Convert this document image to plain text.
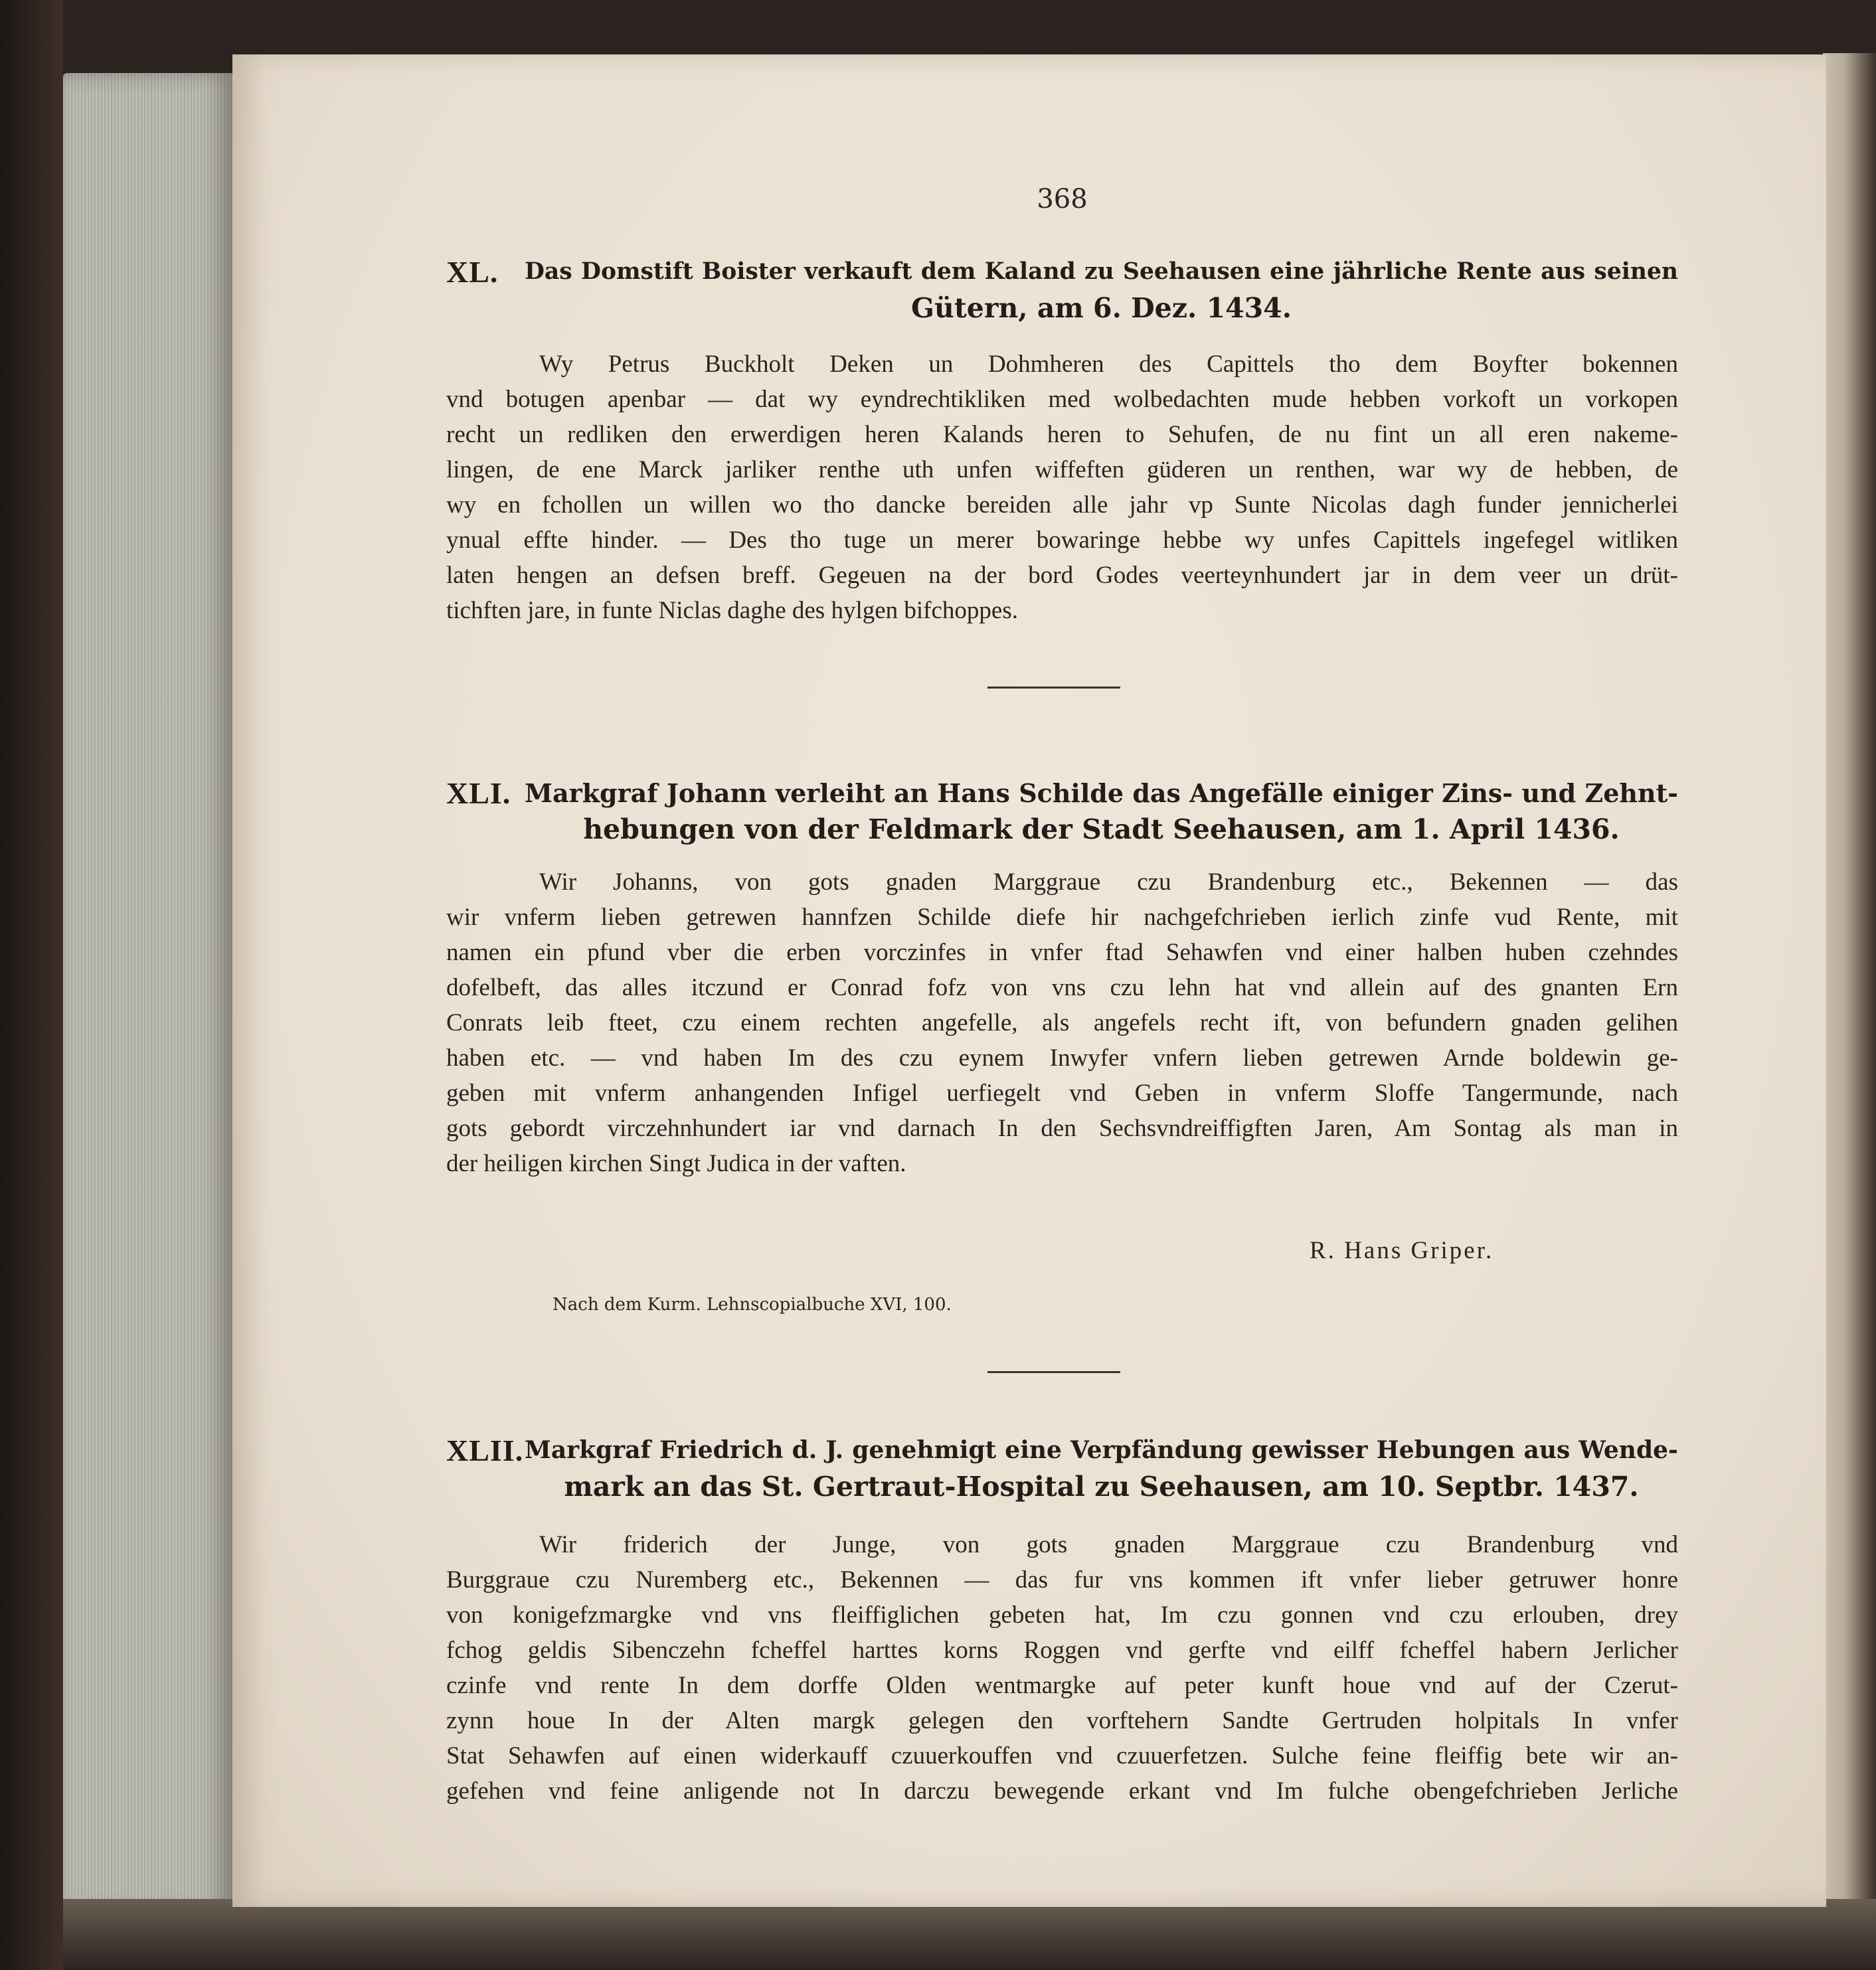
368
XL. Das Domstift Boister verkauft dem Kaland zu Seehausen eine jährliche Rente aus seinen
Gütern, am 6. Dez. 1434.
Wy Petrus Buckholt Deken un Dohmheren des Capittels tho dem Boyfter bokennen
vnd botugen apenbar — dat wy eyndrechtikliken med wolbedachten mude hebben vorkoft un vorkopen
recht un redliken den erwerdigen heren Kalands heren to Sehufen, de nu fint un all eren nakeme-
lingen, de ene Marck jarliker renthe uth unfen wiffeften güderen un renthen, war wy de hebben, de
wy en fchollen un willen wo tho dancke bereiden alle jahr vp Sunte Nicolas dagh funder jennicherlei
ynual effte hinder. — Des tho tuge un merer bowaringe hebbe wy unfes Capittels ingefegel witliken
laten hengen an defsen breff. Gegeuen na der bord Godes veerteynhundert jar in dem veer un drüt-
tichften jare, in funte Niclas daghe des hylgen bifchoppes.
XLI. Markgraf Johann verleiht an Hans Schilde das Angefälle einiger Zins- und Zehnt-
hebungen von der Feldmark der Stadt Seehausen, am 1. April 1436.
Wir Johanns, von gots gnaden Marggraue czu Brandenburg etc., Bekennen — das
wir vnferm lieben getrewen hannfzen Schilde diefe hir nachgefchrieben ierlich zinfe vud Rente, mit
namen ein pfund vber die erben vorczinfes in vnfer ftad Sehawfen vnd einer halben huben czehndes
dofelbeft, das alles itczund er Conrad fofz von vns czu lehn hat vnd allein auf des gnanten Ern
Conrats leib fteet, czu einem rechten angefelle, als angefels recht ift, von befundern gnaden gelihen
haben etc. — vnd haben Im des czu eynem Inwyfer vnfern lieben getrewen Arnde boldewin ge-
geben mit vnferm anhangenden Infigel uerfiegelt vnd Geben in vnferm Sloffe Tangermunde, nach
gots gebordt virczehnhundert iar vnd darnach In den Sechsvndreiffigften Jaren, Am Sontag als man in
der heiligen kirchen Singt Judica in der vaften.
R. Hans Griper.
Nach dem Kurm. Lehnscopialbuche XVI, 100.
XLII. Markgraf Friedrich d. J. genehmigt eine Verpfändung gewisser Hebungen aus Wende-
mark an das St. Gertraut-Hospital zu Seehausen, am 10. Septbr. 1437.
Wir friderich der Junge, von gots gnaden Marggraue czu Brandenburg vnd
Burggraue czu Nuremberg etc., Bekennen — das fur vns kommen ift vnfer lieber getruwer honre
von konigefzmargke vnd vns fleiffiglichen gebeten hat, Im czu gonnen vnd czu erlouben, drey
fchog geldis Sibenczehn fcheffel harttes korns Roggen vnd gerfte vnd eilff fcheffel habern Jerlicher
czinfe vnd rente In dem dorffe Olden wentmargke auf peter kunft houe vnd auf der Czerut-
zynn houe In der Alten margk gelegen den vorftehern Sandte Gertruden holpitals In vnfer
Stat Sehawfen auf einen widerkauff czuuerkouffen vnd czuuerfetzen. Sulche feine fleiffig bete wir an-
gefehen vnd feine anligende not In darczu bewegende erkant vnd Im fulche obengefchrieben Jerliche
